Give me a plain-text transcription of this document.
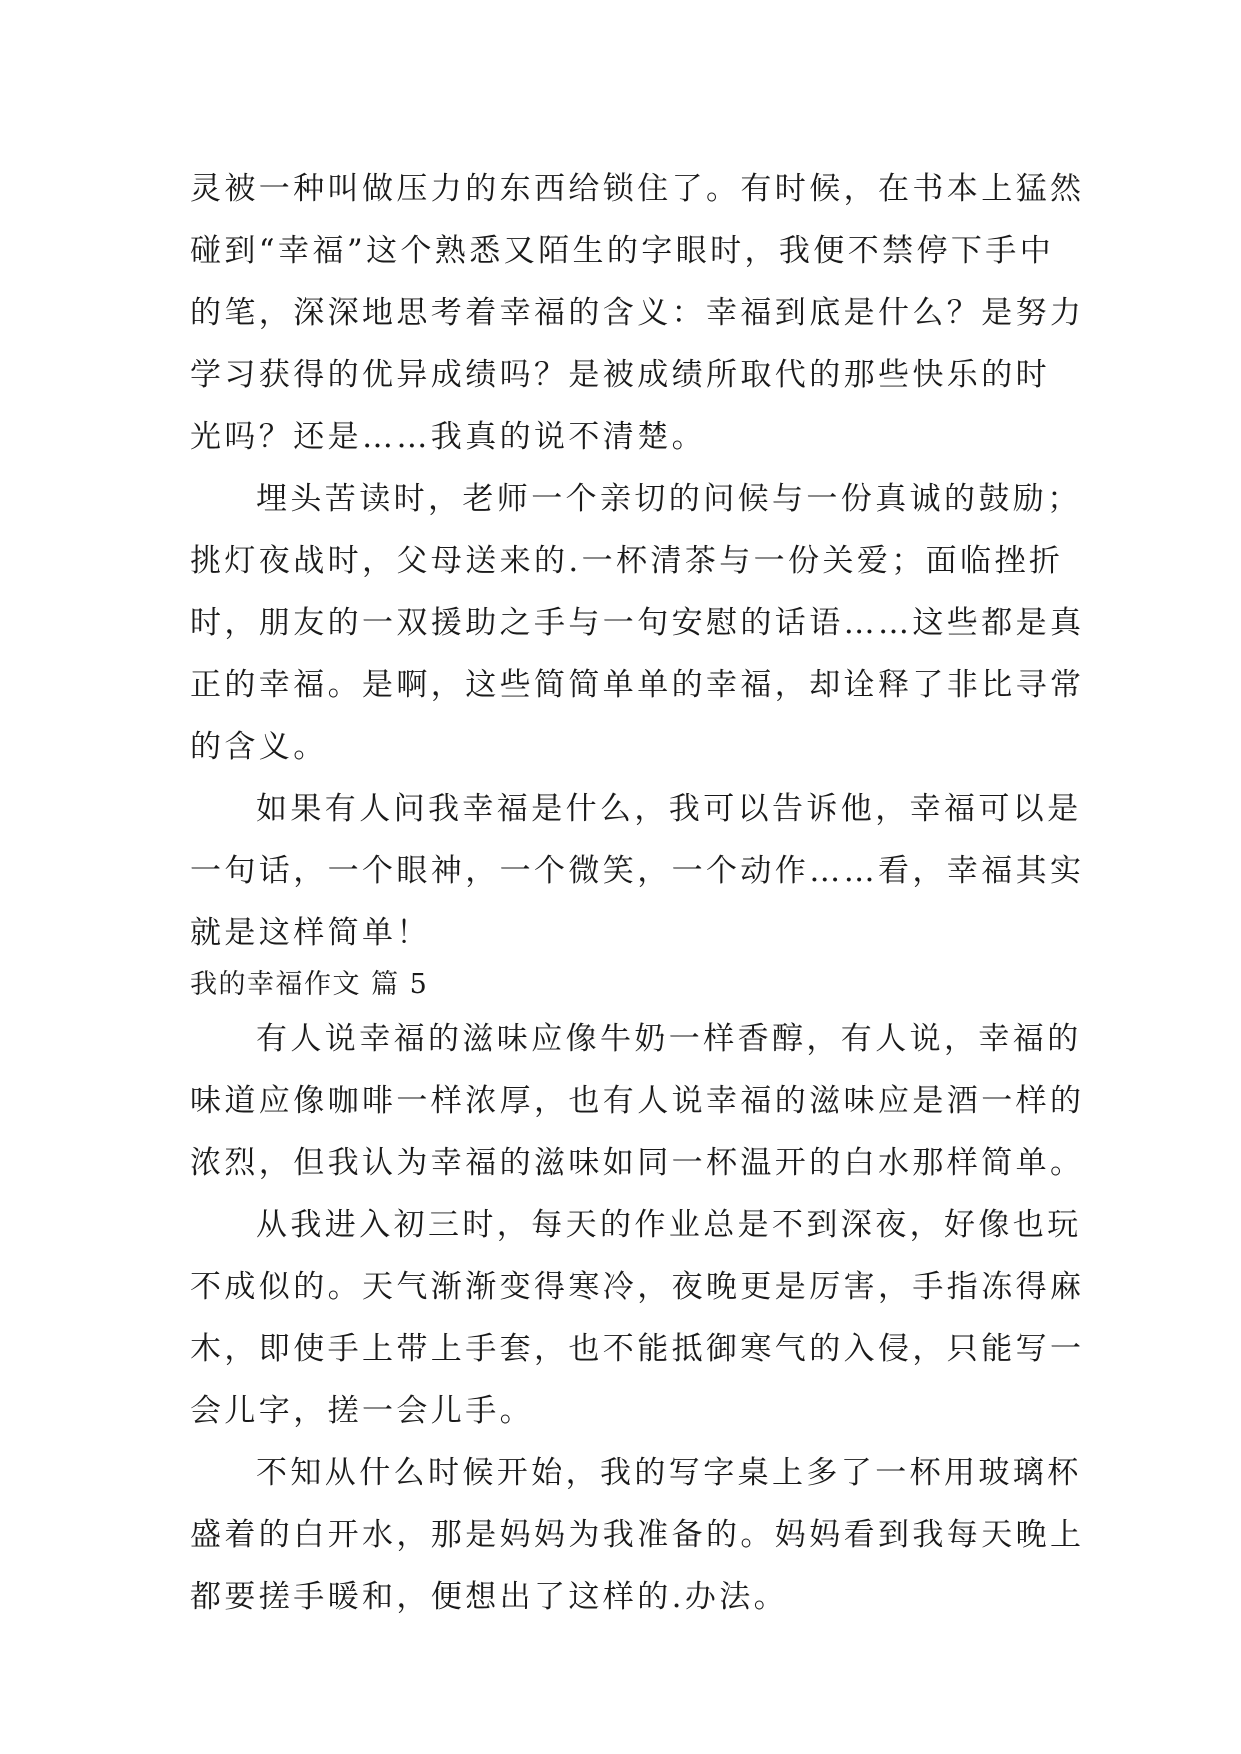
灵被一种叫做压力的东西给锁住了。有时候，在书本上猛然
碰到“幸福”这个熟悉又陌生的字眼时，我便不禁停下手中
的笔，深深地思考着幸福的含义：幸福到底是什么？是努力
学习获得的优异成绩吗？是被成绩所取代的那些快乐的时
光吗？还是……我真的说不清楚。
埋头苦读时，老师一个亲切的问候与一份真诚的鼓励；
挑灯夜战时，父母送来的.一杯清茶与一份关爱；面临挫折
时，朋友的一双援助之手与一句安慰的话语……这些都是真
正的幸福。是啊，这些简简单单的幸福，却诠释了非比寻常
的含义。
如果有人问我幸福是什么，我可以告诉他，幸福可以是
一句话，一个眼神，一个微笑，一个动作……看，幸福其实
就是这样简单！
我的幸福作文 篇 5
有人说幸福的滋味应像牛奶一样香醇，有人说，幸福的
味道应像咖啡一样浓厚，也有人说幸福的滋味应是酒一样的
浓烈，但我认为幸福的滋味如同一杯温开的白水那样简单。
从我进入初三时，每天的作业总是不到深夜，好像也玩
不成似的。天气渐渐变得寒冷，夜晚更是厉害，手指冻得麻
木，即使手上带上手套，也不能抵御寒气的入侵，只能写一
会儿字，搓一会儿手。
不知从什么时候开始，我的写字桌上多了一杯用玻璃杯
盛着的白开水，那是妈妈为我准备的。妈妈看到我每天晚上
都要搓手暖和，便想出了这样的.办法。
